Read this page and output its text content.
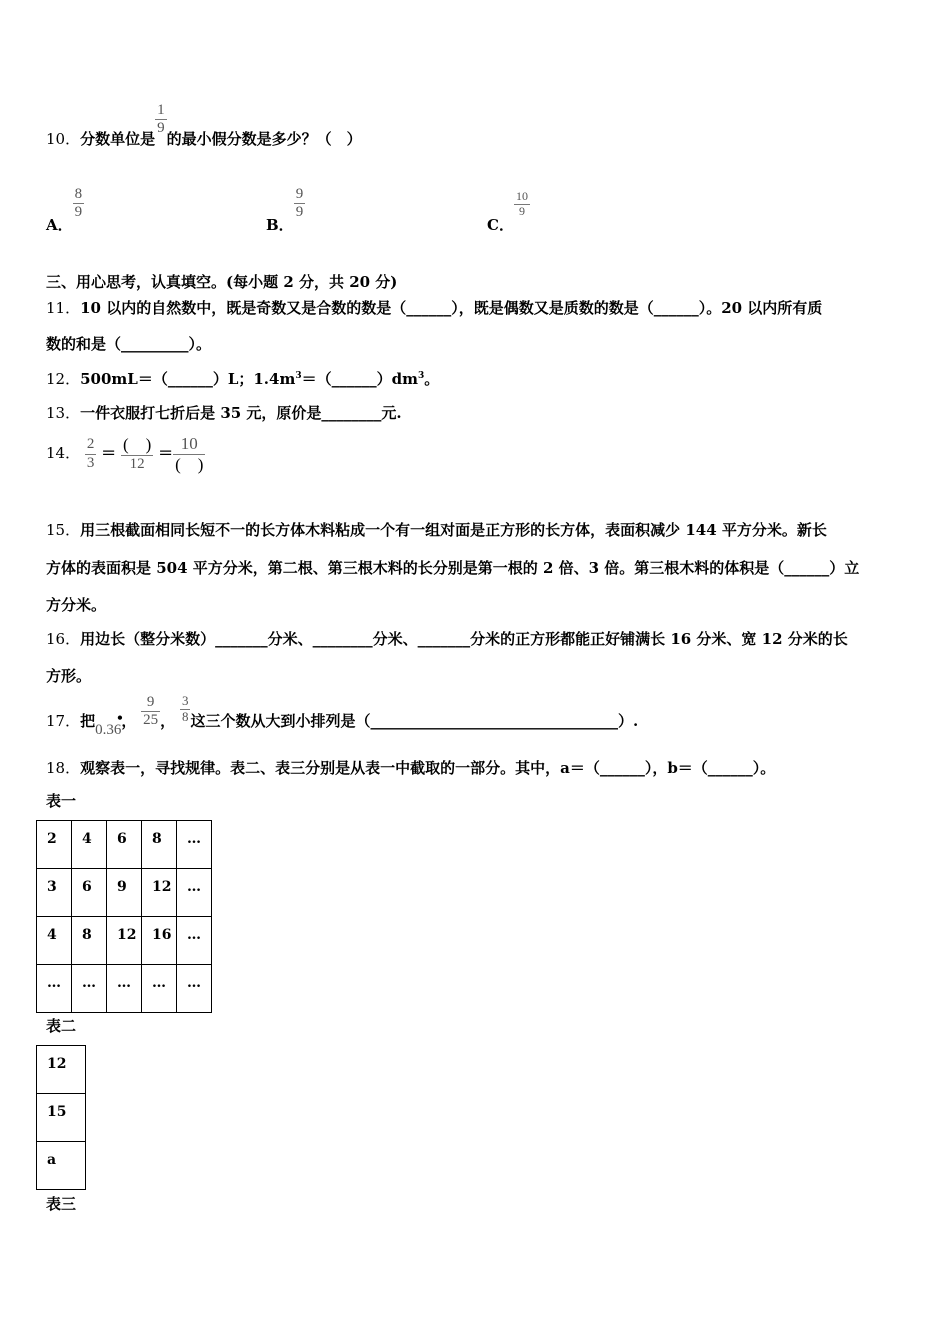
10．分数单位是
$\frac{1}{9}$
的最小假分数是多少？（　）
A．
$\frac{8}{9}$
B．
$\frac{9}{9}$
C．
$\frac{10}{9}$
三、用心思考，认真填空。(每小题 2 分，共 20 分)
11．10 以内的自然数中，既是奇数又是合数的数是（______），既是偶数又是质数的数是（______）。20 以内所有质
数的和是（_________）。
12．500mL＝（______）L；$1.4m^3=(\_\_\_\_\_\_)dm^3$。
13．一件衣服打七折后是 35 元，原价是________元.
14． $\frac{2}{3} = \frac{( )}{12} = \frac{10}{( )}$
15．用三根截面相同长短不一的长方体木料粘成一个有一组对面是正方形的长方体，表面积减少 144 平方分米。新长
方体的表面积是 504 平方分米，第二根、第三根木料的长分别是第一根的 2 倍、3 倍。第三根木料的体积是（______）立
方分米。
16．用边长（整分米数）_______分米、________分米、_______分米的正方形都能正好铺满长 16 分米、宽 12 分米的长
方形。
17．把0.36
•
， $\frac{9}{25}$ ， $\frac{3}{8}$ 这三个数从大到小排列是（_________________________________）.
18．观察表一，寻找规律。表二、表三分别是从表一中截取的一部分。其中，a＝（______），b＝（______）。
表一
2	4	6	8	…
3	6	9	12	…
4	8	12	16	…
…	…	…	…	…
表二
12
15
a
表三
